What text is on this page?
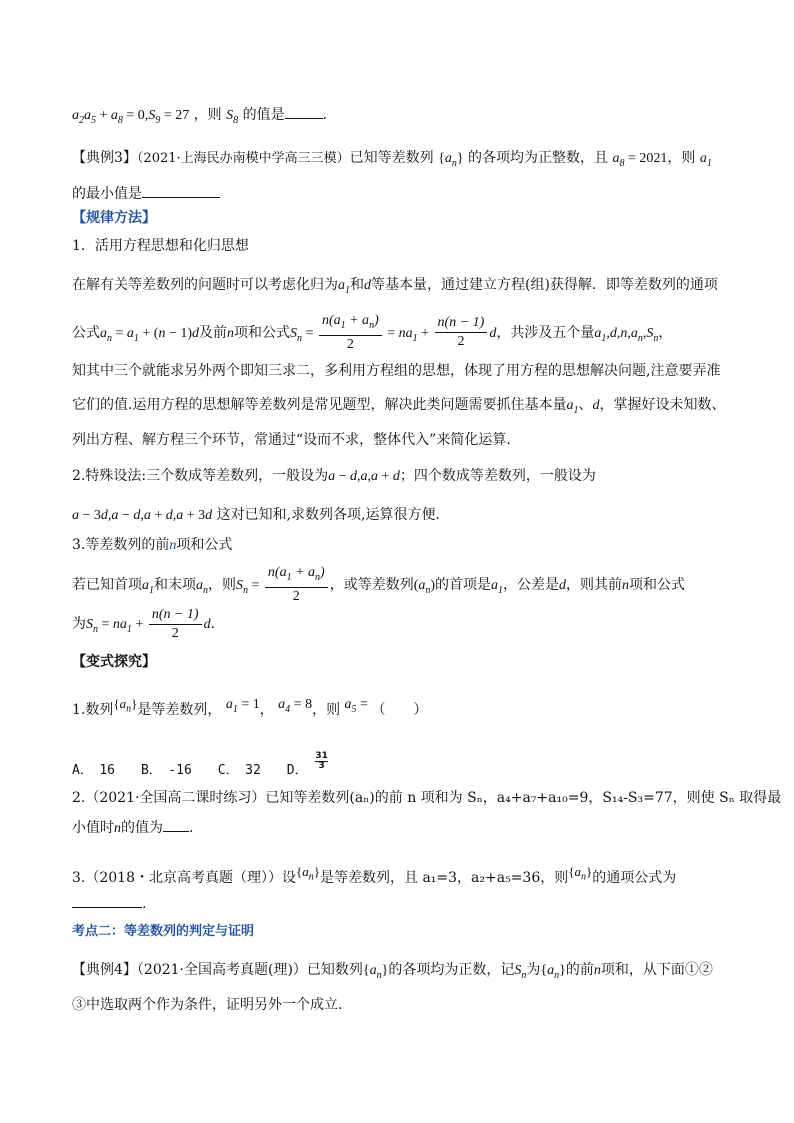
$a_2a_5 + a_8 = 0,S_9 = 27$ ，则 $S_8$ 的值是	.
【典例3】（2021·上海民办南模中学高三三模）已知等差数列 $\{a_n\}$ 的各项均为正整数，且 $a_8 = 2021$，则 $a_1$
的最小值是
【规律方法】
1．活用方程思想和化归思想
在解有关等差数列的问题时可以考虑化归为$a_1$和d等基本量，通过建立方程(组)获得解．即等差数列的通项
公式$a_n = a_1 + (n - 1)d$及前n项和公式$S_n = \frac{n(a_1 + a_n)}{2} = na_1 + \frac{n(n - 1)}{2}$ d，共涉及五个量$a_1,d,n,a_n,S_n$，
知其中三个就能求另外两个即知三求二，多利用方程组的思想，体现了用方程的思想解决问题,注意要弄准
它们的值.运用方程的思想解等差数列是常见题型，解决此类问题需要抓住基本量$a_1$、d，掌握好设未知数、
列出方程、解方程三个环节，常通过“设而不求，整体代入”来简化运算．
2.特殊设法:三个数成等差数列，一般设为a − d,a,a + d；四个数成等差数列，一般设为
a − 3d,a − d,a + d,a + 3d 这对已知和,求数列各项,运算很方便.
3.等差数列的前n项和公式
若已知首项$a_1$和末项$a_n$，则$S_n = \frac{n(a_1 + a_n)}{2}$ ，或等差数列$(a_n)$的首项是$a_1$，公差是d，则其前n项和公式
为$S_n = na_1 + \frac{n(n - 1)}{2} d$.
【变式探究】
1.数列$\{a_n\}$是等差数列， $a_1 = 1$， $a_4 = 8$，则 $a_5$ = （　　）
A．　16　　B．　-16　　C．　32　　D． $\frac{31}{3}$
2.（2021·全国高二课时练习）已知等差数列(aₙ)的前 n 项和为 Sₙ，a₄+a₇+a₁₀=9，S₁₄-S₃=77，则使 Sₙ 取得最
小值时n的值为 .
3.（2018・北京高考真题（理））设$\{a_n\}$是等差数列，且 a₁=3，a₂+a₅=36，则$\{a_n\}$的通项公式为
.
考点二：等差数列的判定与证明
【典例4】（2021·全国高考真题(理)）已知数列$\{a_n\}$的各项均为正数，记$S_n$为$\{a_n\}$的前n项和，从下面①②
③中选取两个作为条件，证明另外一个成立.
